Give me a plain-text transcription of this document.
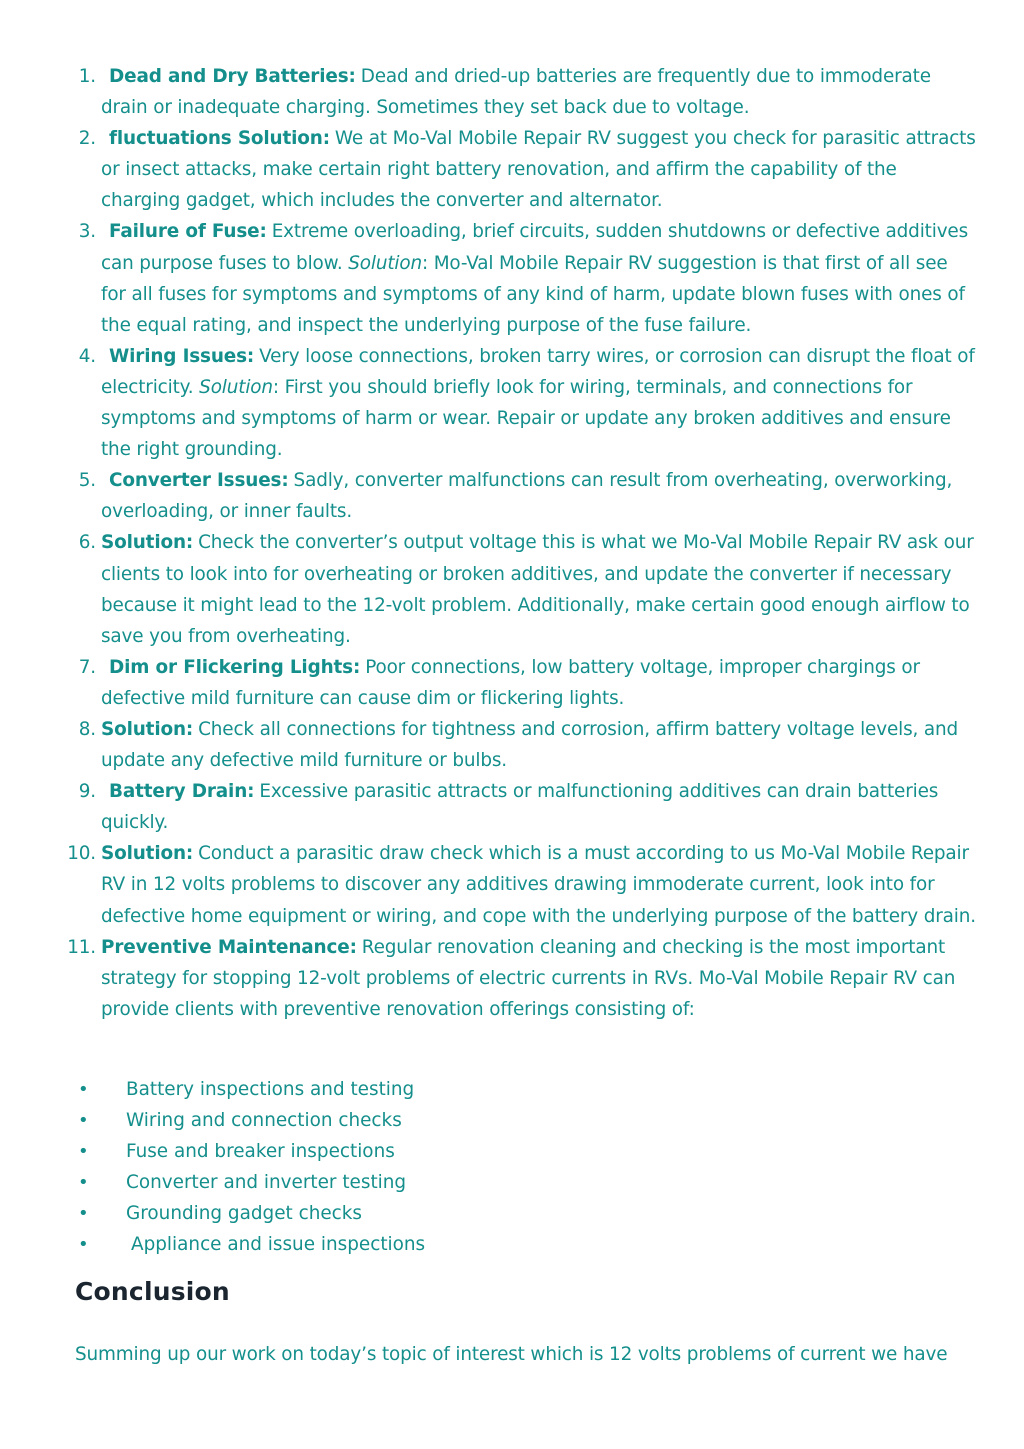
1. Dead and Dry Batteries: Dead and dried-up batteries are frequently due to immoderate drain or inadequate charging. Sometimes they set back due to voltage.
2. fluctuations Solution: We at Mo-Val Mobile Repair RV suggest you check for parasitic attracts or insect attacks, make certain right battery renovation, and affirm the capability of the charging gadget, which includes the converter and alternator.
3. Failure of Fuse: Extreme overloading, brief circuits, sudden shutdowns or defective additives can purpose fuses to blow. Solution: Mo-Val Mobile Repair RV suggestion is that first of all see for all fuses for symptoms and symptoms of any kind of harm, update blown fuses with ones of the equal rating, and inspect the underlying purpose of the fuse failure.
4. Wiring Issues: Very loose connections, broken tarry wires, or corrosion can disrupt the float of electricity. Solution: First you should briefly look for wiring, terminals, and connections for symptoms and symptoms of harm or wear. Repair or update any broken additives and ensure the right grounding.
5. Converter Issues: Sadly, converter malfunctions can result from overheating, overworking, overloading, or inner faults.
6. Solution: Check the converter’s output voltage this is what we Mo-Val Mobile Repair RV ask our clients to look into for overheating or broken additives, and update the converter if necessary because it might lead to the 12-volt problem. Additionally, make certain good enough airflow to save you from overheating.
7. Dim or Flickering Lights: Poor connections, low battery voltage, improper chargings or defective mild furniture can cause dim or flickering lights.
8. Solution: Check all connections for tightness and corrosion, affirm battery voltage levels, and update any defective mild furniture or bulbs.
9. Battery Drain: Excessive parasitic attracts or malfunctioning additives can drain batteries quickly.
10. Solution: Conduct a parasitic draw check which is a must according to us Mo-Val Mobile Repair RV in 12 volts problems to discover any additives drawing immoderate current, look into for defective home equipment or wiring, and cope with the underlying purpose of the battery drain.
11. Preventive Maintenance: Regular renovation cleaning and checking is the most important strategy for stopping 12-volt problems of electric currents in RVs. Mo-Val Mobile Repair RV can provide clients with preventive renovation offerings consisting of:
• Battery inspections and testing
• Wiring and connection checks
• Fuse and breaker inspections
• Converter and inverter testing
• Grounding gadget checks
• Appliance and issue inspections
Conclusion

Summing up our work on today’s topic of interest which is 12 volts problems of current we have
